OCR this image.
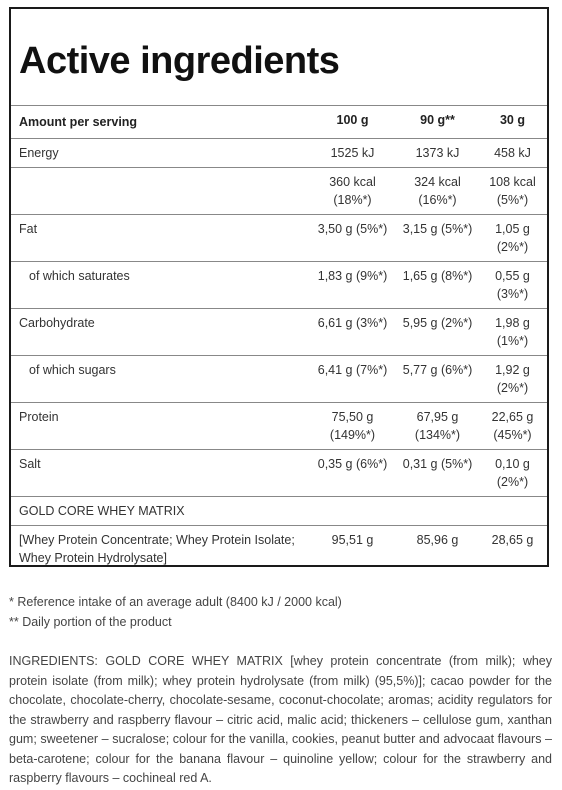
Active ingredients
Amount per serving	100 g	90 g**	30 g
Energy	1525 kJ	1373 kJ	458 kJ
	360 kcal (18%*)	324 kcal (16%*)	108 kcal (5%*)
Fat	3,50 g (5%*)	3,15 g (5%*)	1,05 g (2%*)
of which saturates	1,83 g (9%*)	1,65 g (8%*)	0,55 g (3%*)
Carbohydrate	6,61 g (3%*)	5,95 g (2%*)	1,98 g (1%*)
of which sugars	6,41 g (7%*)	5,77 g (6%*)	1,92 g (2%*)
Protein	75,50 g (149%*)	67,95 g (134%*)	22,65 g (45%*)
Salt	0,35 g (6%*)	0,31 g (5%*)	0,10 g (2%*)
GOLD CORE WHEY MATRIX			
[Whey Protein Concentrate; Whey Protein Isolate; Whey Protein Hydrolysate]	95,51 g	85,96 g	28,65 g
* Reference intake of an average adult (8400 kJ / 2000 kcal)
** Daily portion of the product
INGREDIENTS: GOLD CORE WHEY MATRIX [whey protein concentrate (from milk); whey protein isolate (from milk); whey protein hydrolysate (from milk) (95,5%)]; cacao powder for the chocolate, chocolate-cherry, chocolate-sesame, coconut-chocolate; aromas; acidity regulators for the strawberry and raspberry flavour – citric acid, malic acid; thickeners – cellulose gum, xanthan gum; sweetener – sucralose; colour for the vanilla, cookies, peanut butter and advocaat flavours – beta-carotene; colour for the banana flavour – quinoline yellow; colour for the strawberry and raspberry flavours – cochineal red A.
